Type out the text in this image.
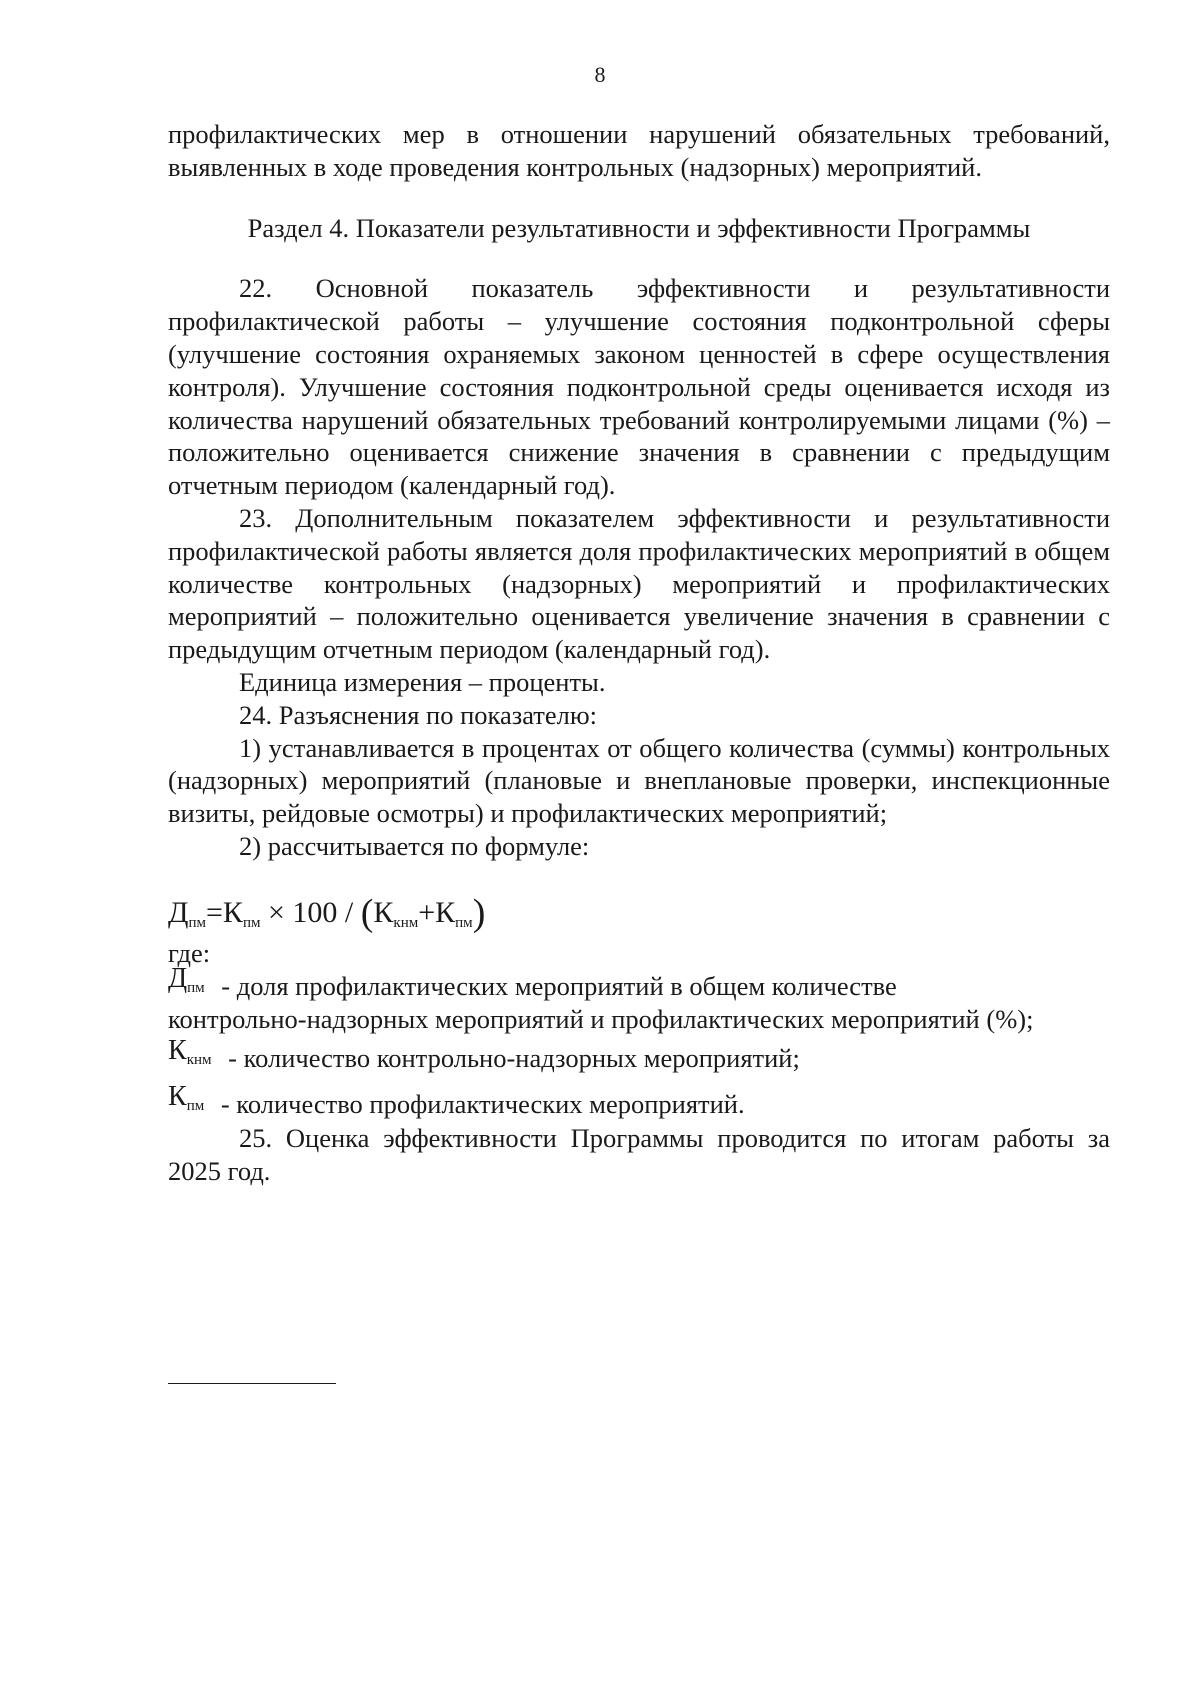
8

профилактических мер в отношении нарушений обязательных требований, выявленных в ходе проведения контрольных (надзорных) мероприятий.

Раздел 4. Показатели результативности и эффективности Программы

22. Основной показатель эффективности и результативности профилактической работы – улучшение состояния подконтрольной сферы (улучшение состояния охраняемых законом ценностей в сфере осуществления контроля). Улучшение состояния подконтрольной среды оценивается исходя из количества нарушений обязательных требований контролируемыми лицами (%) – положительно оценивается снижение значения в сравнении с предыдущим отчетным периодом (календарный год).

23. Дополнительным показателем эффективности и результативности профилактической работы является доля профилактических мероприятий в общем количестве контрольных (надзорных) мероприятий и профилактических мероприятий – положительно оценивается увеличение значения в сравнении с предыдущим отчетным периодом (календарный год).

Единица измерения – проценты.

24. Разъяснения по показателю:

1) устанавливается в процентах от общего количества (суммы) контрольных (надзорных) мероприятий (плановые и внеплановые проверки, инспекционные визиты, рейдовые осмотры) и профилактических мероприятий;

2) рассчитывается по формуле:

$Д_{пм}=К_{пм} \times 100 / (К_{кнм}+К_{пм})$

где:

$Д_{пм}$ - доля профилактических мероприятий в общем количестве

контрольно-надзорных мероприятий и профилактических мероприятий (%);

$К_{кнм}$ - количество контрольно-надзорных мероприятий;

$К_{пм}$ - количество профилактических мероприятий.

25. Оценка эффективности Программы проводится по итогам работы за 2025 год.
